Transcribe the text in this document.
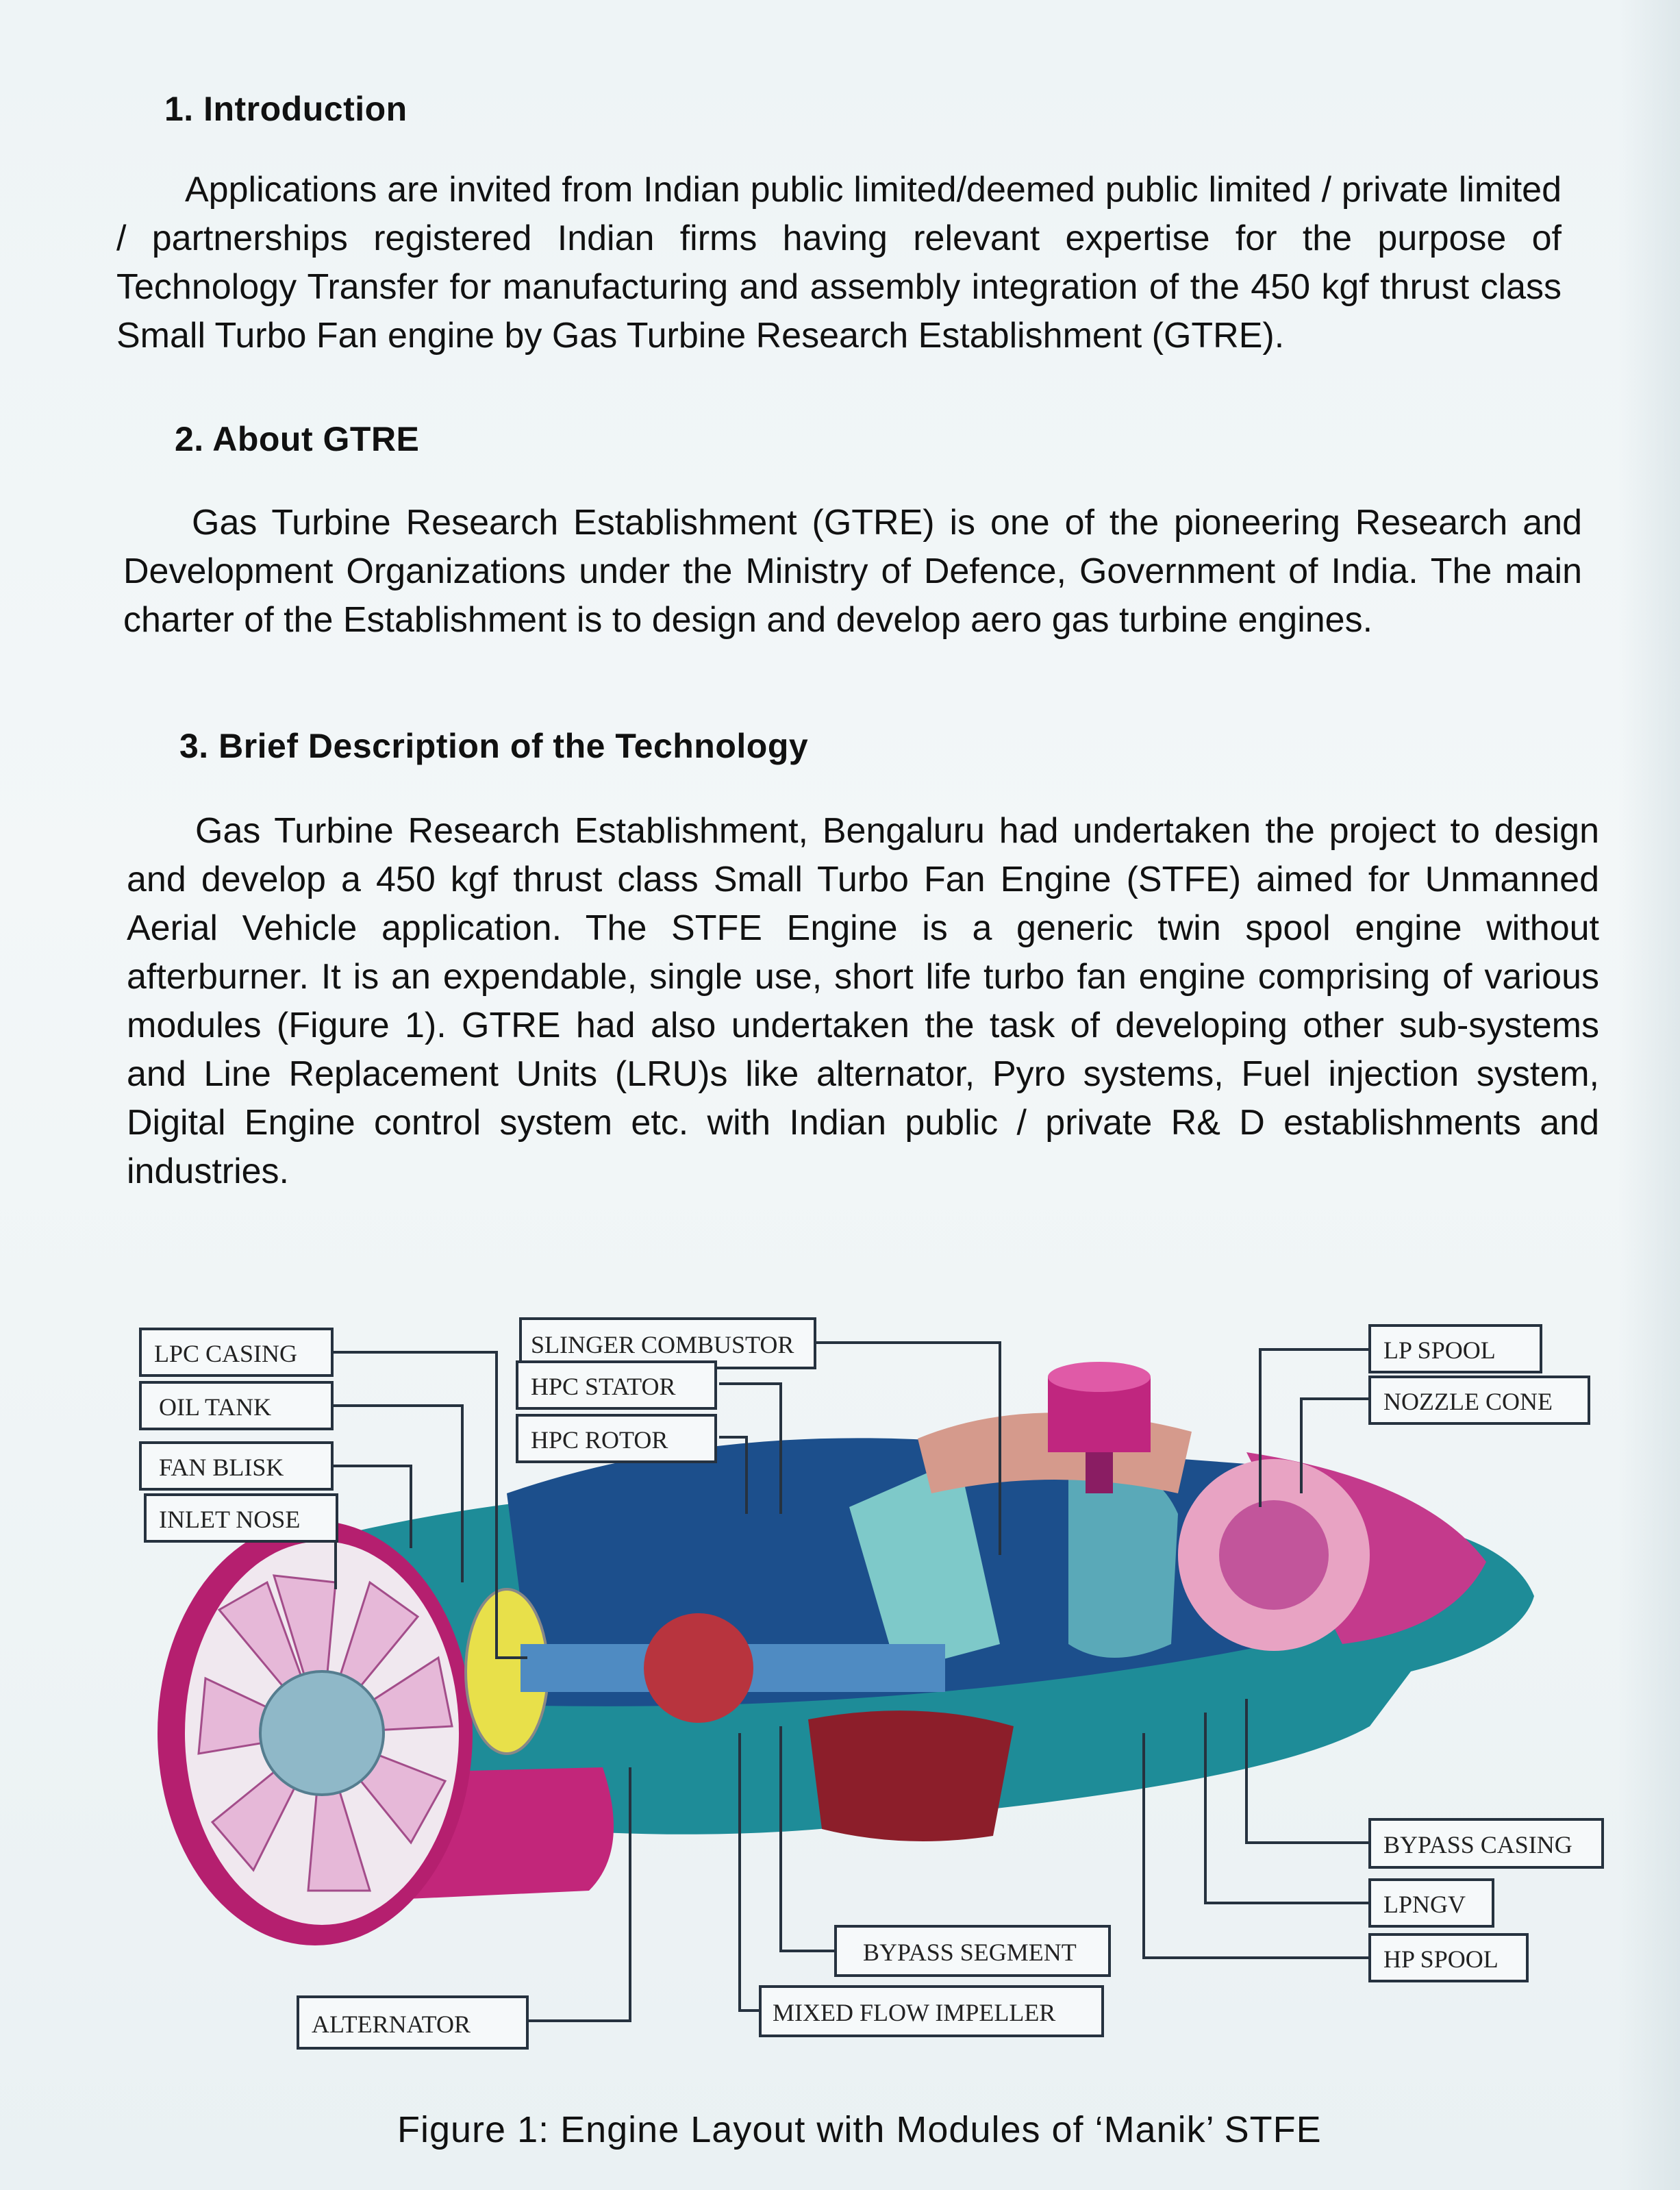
1. Introduction
Applications are invited from Indian public limited/deemed public limited / private limited / partnerships registered Indian firms having relevant expertise for the purpose of Technology Transfer for manufacturing and assembly integration of the 450 kgf thrust class Small Turbo Fan engine by Gas Turbine Research Establishment (GTRE).
2. About GTRE
Gas Turbine Research Establishment (GTRE) is one of the pioneering Research and Development Organizations under the Ministry of Defence, Government of India. The main charter of the Establishment is to design and develop aero gas turbine engines.
3. Brief Description of the Technology
Gas Turbine Research Establishment, Bengaluru had undertaken the project to design and develop a 450 kgf thrust class Small Turbo Fan Engine (STFE) aimed for Unmanned Aerial Vehicle application. The STFE Engine is a generic twin spool engine without afterburner. It is an expendable, single use, short life turbo fan engine comprising of various modules (Figure 1). GTRE had also undertaken the task of developing other sub-systems and Line Replacement Units (LRU)s like alternator, Pyro systems, Fuel injection system, Digital Engine control system etc. with Indian public / private R& D establishments and industries.
SLINGER COMBUSTOR
LPC CASING
OIL TANK
FAN BLISK
INLET NOSE
HPC STATOR
HPC ROTOR
LP SPOOL
NOZZLE CONE
BYPASS CASING
LPNGV
HP SPOOL
BYPASS SEGMENT
MIXED FLOW IMPELLER
ALTERNATOR
Figure 1: Engine Layout with Modules of ‘Manik’ STFE
